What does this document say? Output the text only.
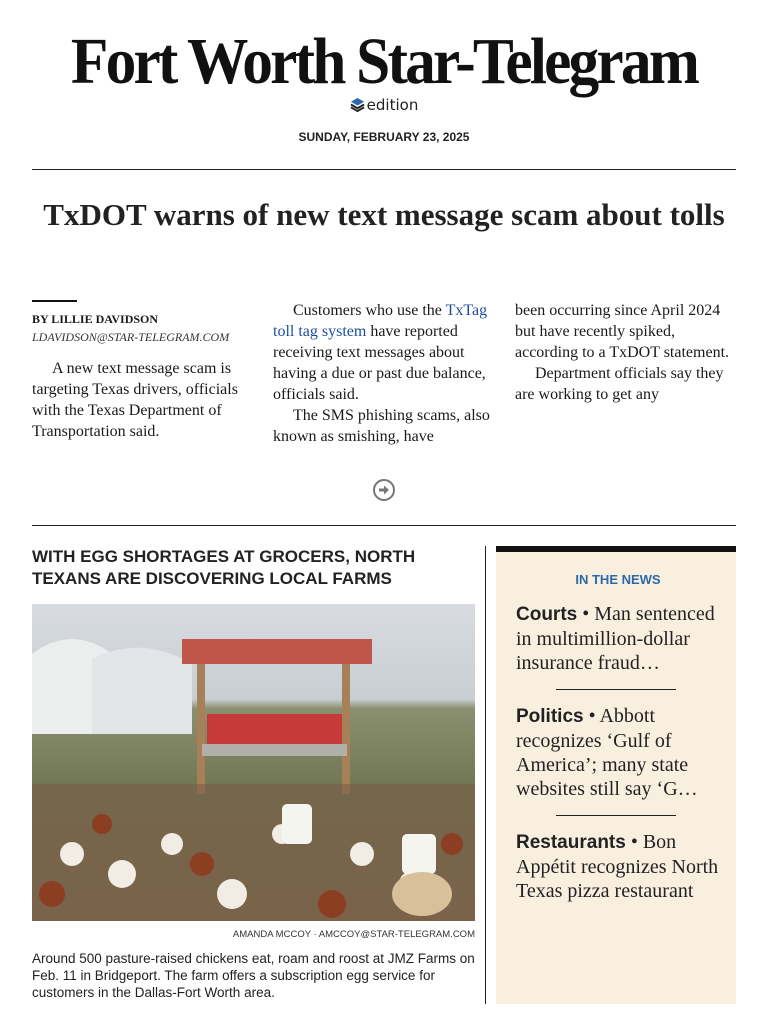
Fort Worth Star-Telegram
edition
SUNDAY, FEBRUARY 23, 2025
TxDOT warns of new text message scam about tolls
BY LILLIE DAVIDSON
LDAVIDSON@STAR-TELEGRAM.COM

A new text message scam is targeting Texas drivers, officials with the Texas Department of Transportation said.

Customers who use the TxTag toll tag system have reported receiving text messages about having a due or past due balance, officials said.

The SMS phishing scams, also known as smishing, have

been occurring since April 2024 but have recently spiked, according to a TxDOT statement.

Department officials say they are working to get any

WITH EGG SHORTAGES AT GROCERS, NORTH TEXANS ARE DISCOVERING LOCAL FARMS
AMANDA MCCOY · AMCCOY@STAR-TELEGRAM.COM
Around 500 pasture-raised chickens eat, roam and roost at JMZ Farms on Feb. 11 in Bridgeport. The farm offers a subscription egg service for customers in the Dallas-Fort Worth area.
IN THE NEWS
Courts • Man sentenced in multimillion-dollar insurance fraud…
Politics • Abbott recognizes ‘Gulf of America’; many state websites still say ‘G…
Restaurants • Bon Appétit recognizes North Texas pizza restaurant
